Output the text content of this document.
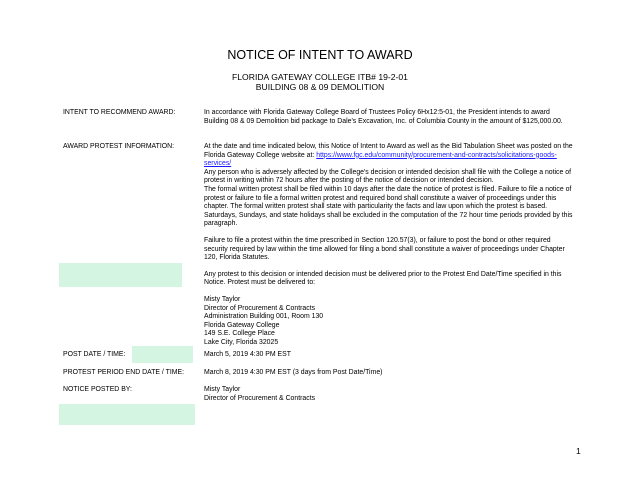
NOTICE OF INTENT TO AWARD
FLORIDA GATEWAY COLLEGE ITB# 19-2-01
BUILDING 08 & 09 DEMOLITION
INTENT TO RECOMMEND AWARD:	In accordance with Florida Gateway College Board of Trustees Policy 6Hx12:5-01, the President intends to award Building 08 & 09 Demolition bid package to Dale's Excavation, Inc. of Columbia County in the amount of $125,000.00.

AWARD PROTEST INFORMATION:	At the date and time indicated below, this Notice of Intent to Award as well as the Bid Tabulation Sheet was posted on the Florida Gateway College website at: https://www.fgc.edu/community/procurement-and-contracts/solicitations-goods-services/
Any person who is adversely affected by the College's decision or intended decision shall file with the College a notice of protest in writing within 72 hours after the posting of the notice of decision or intended decision.
The formal written protest shall be filed within 10 days after the date the notice of protest is filed. Failure to file a notice of protest or failure to file a formal written protest and required bond shall constitute a waiver of proceedings under this chapter. The formal written protest shall state with particularity the facts and law upon which the protest is based. Saturdays, Sundays, and state holidays shall be excluded in the computation of the 72 hour time periods provided by this paragraph.

Failure to file a protest within the time prescribed in Section 120.57(3), or failure to post the bond or other required security required by law within the time allowed for filing a bond shall constitute a waiver of proceedings under Chapter 120, Florida Statutes.

Any protest to this decision or intended decision must be delivered prior to the Protest End Date/Time specified in this Notice. Protest must be delivered to:

Misty Taylor
Director of Procurement & Contracts
Administration Building 001, Room 130
Florida Gateway College
149 S.E. College Place
Lake City, Florida 32025

POST DATE / TIME:	March 5, 2019 4:30 PM EST
PROTEST PERIOD END DATE / TIME:	March 8, 2019 4:30 PM EST (3 days from Post Date/Time)
NOTICE POSTED BY:	Misty Taylor
Director of Procurement & Contracts
1
